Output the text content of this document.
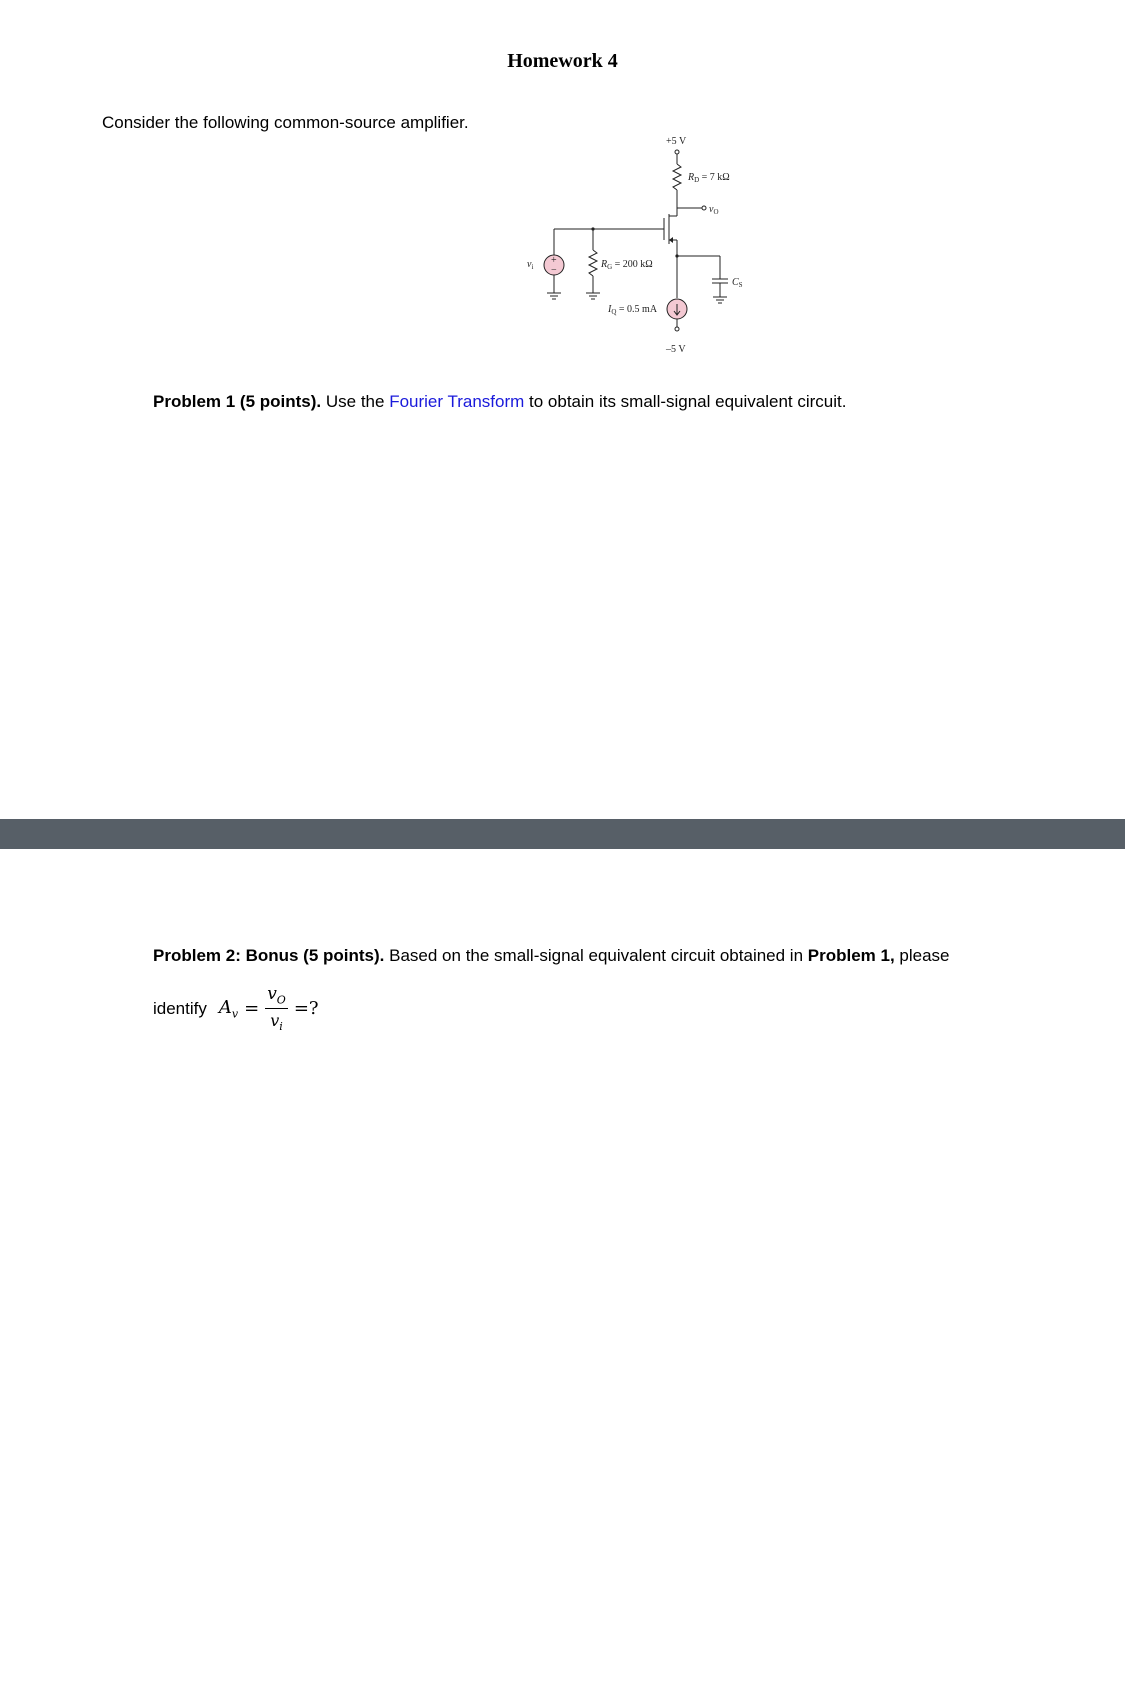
Homework 4
Consider the following common-source amplifier.
+5 V
–5 V
$R_D = 7$ kΩ
$R_G = 200$ kΩ
$I_Q = 0.5$ mA
$v_O$
$v_i$
$C_S$
+
−
Problem 1 (5 points). Use the Fourier Transform to obtain its small-signal equivalent circuit.
Problem 2: Bonus (5 points). Based on the small-signal equivalent circuit obtained in Problem 1, please
identify $A_v = \frac{v_O}{v_i}$ =?
